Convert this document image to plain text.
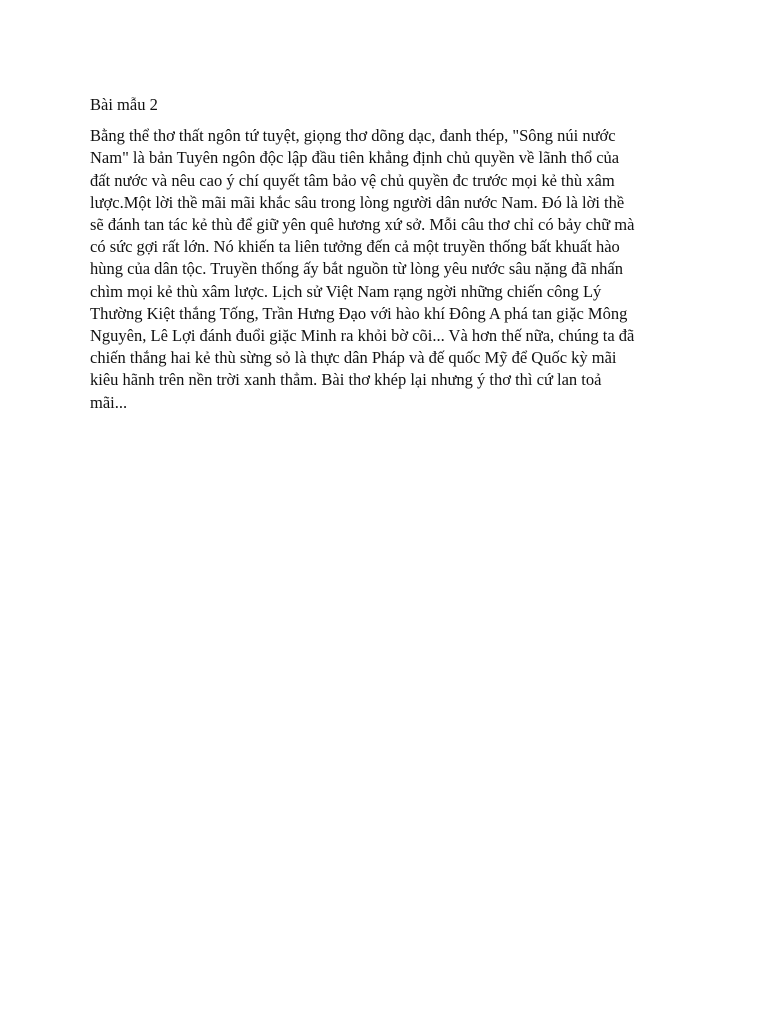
Bài mẫu 2

Bằng thể thơ thất ngôn tứ tuyệt, giọng thơ dõng dạc, đanh thép, "Sông núi nước
Nam" là bản Tuyên ngôn độc lập đầu tiên khẳng định chủ quyền về lãnh thổ của
đất nước và nêu cao ý chí quyết tâm bảo vệ chủ quyền đc trước mọi kẻ thù xâm
lược.Một lời thề mãi mãi khắc sâu trong lòng người dân nước Nam. Đó là lời thề
sẽ đánh tan tác kẻ thù để giữ yên quê hương xứ sở. Mỗi câu thơ chỉ có bảy chữ mà
có sức gợi rất lớn. Nó khiến ta liên tưởng đến cả một truyền thống bất khuất hào
hùng của dân tộc. Truyền thống ấy bắt nguồn từ lòng yêu nước sâu nặng đã nhấn
chìm mọi kẻ thù xâm lược. Lịch sử Việt Nam rạng ngời những chiến công Lý
Thường Kiệt thắng Tống, Trần Hưng Đạo với hào khí Đông A phá tan giặc Mông
Nguyên, Lê Lợi đánh đuổi giặc Minh ra khỏi bờ cõi... Và hơn thế nữa, chúng ta đã
chiến thắng hai kẻ thù sừng sỏ là thực dân Pháp và đế quốc Mỹ để Quốc kỳ mãi
kiêu hãnh trên nền trời xanh thẳm. Bài thơ khép lại nhưng ý thơ thì cứ lan toả
mãi...
